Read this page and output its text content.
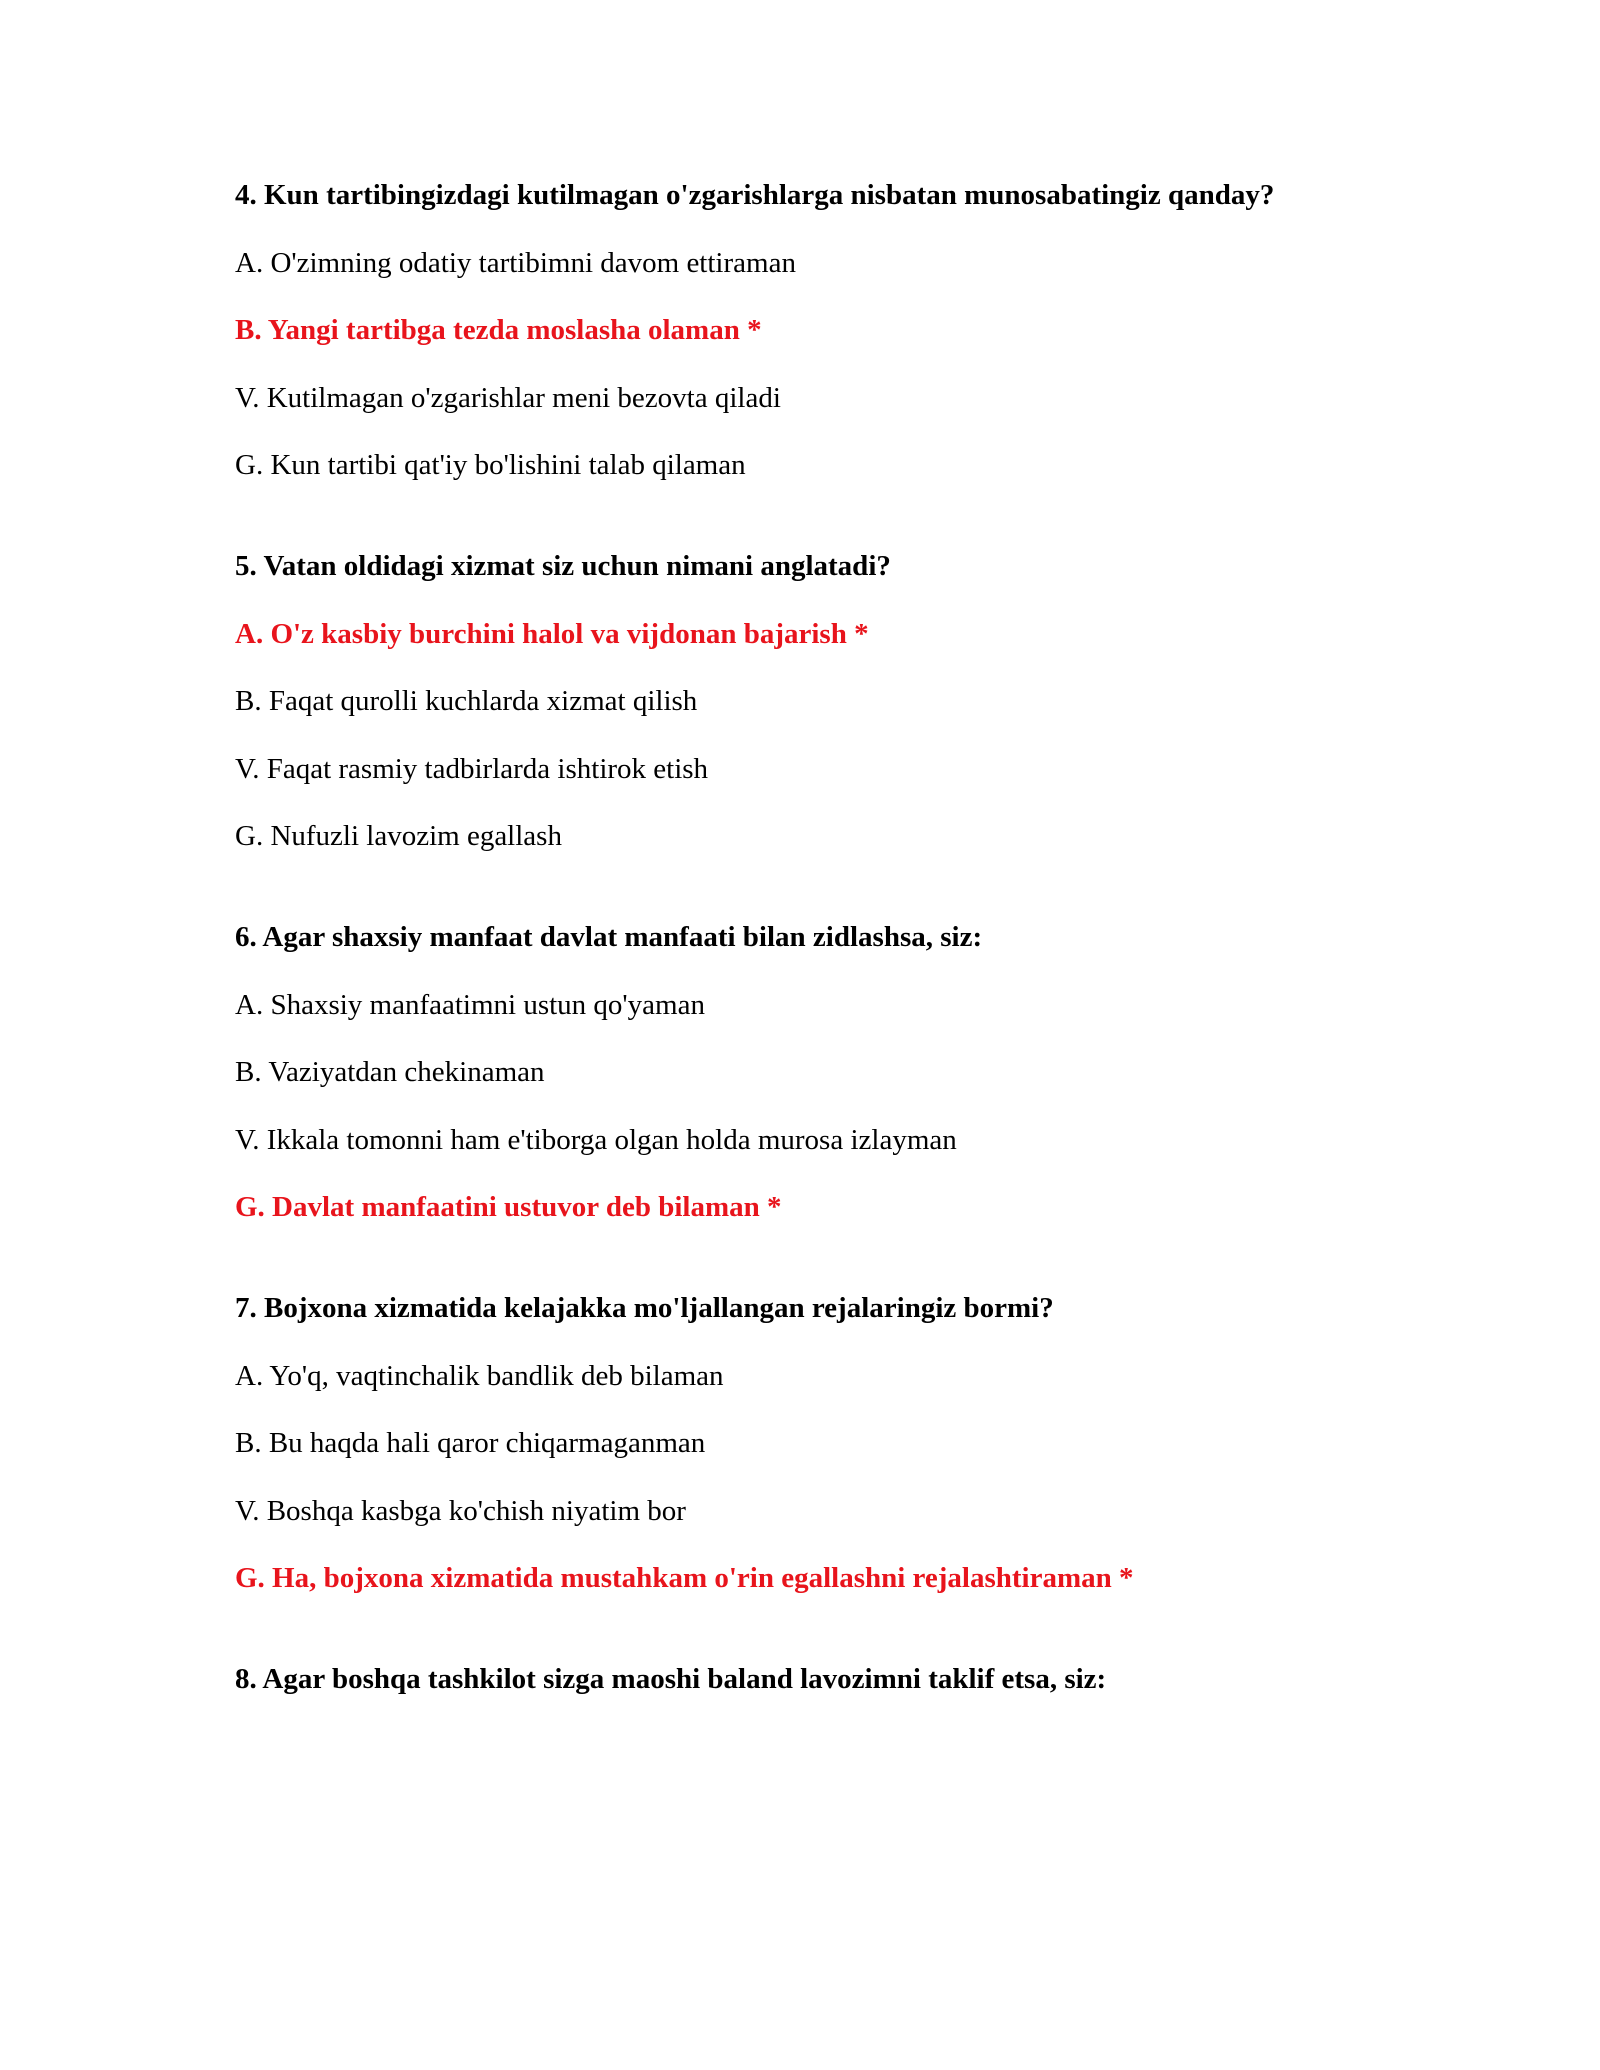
4. Kun tartibingizdagi kutilmagan o'zgarishlarga nisbatan munosabatingiz qanday?
A. O'zimning odatiy tartibimni davom ettiraman
B. Yangi tartibga tezda moslasha olaman *
V. Kutilmagan o'zgarishlar meni bezovta qiladi
G. Kun tartibi qat'iy bo'lishini talab qilaman
5. Vatan oldidagi xizmat siz uchun nimani anglatadi?
A. O'z kasbiy burchini halol va vijdonan bajarish *
B. Faqat qurolli kuchlarda xizmat qilish
V. Faqat rasmiy tadbirlarda ishtirok etish
G. Nufuzli lavozim egallash
6. Agar shaxsiy manfaat davlat manfaati bilan zidlashsa, siz:
A. Shaxsiy manfaatimni ustun qo'yaman
B. Vaziyatdan chekinaman
V. Ikkala tomonni ham e'tiborga olgan holda murosa izlayman
G. Davlat manfaatini ustuvor deb bilaman *
7. Bojxona xizmatida kelajakka mo'ljallangan rejalaringiz bormi?
A. Yo'q, vaqtinchalik bandlik deb bilaman
B. Bu haqda hali qaror chiqarmaganman
V. Boshqa kasbga ko'chish niyatim bor
G. Ha, bojxona xizmatida mustahkam o'rin egallashni rejalashtiraman *
8. Agar boshqa tashkilot sizga maoshi baland lavozimni taklif etsa, siz:
